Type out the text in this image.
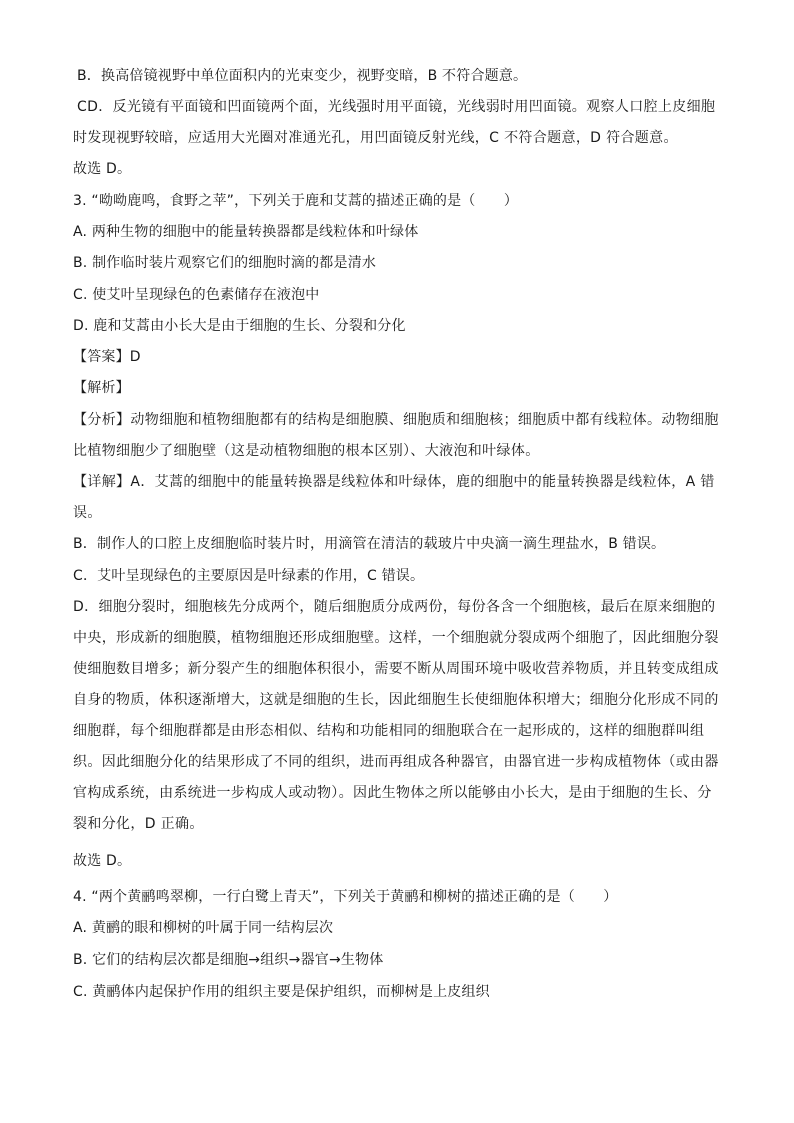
B．换高倍镜视野中单位面积内的光束变少，视野变暗，B 不符合题意。
CD．反光镜有平面镜和凹面镜两个面，光线强时用平面镜，光线弱时用凹面镜。观察人口腔上皮细胞时发现视野较暗，应适用大光圈对准通光孔，用凹面镜反射光线，C 不符合题意，D 符合题意。
故选 D。
3. “呦呦鹿鸣，食野之苹”，下列关于鹿和艾蒿的描述正确的是（　　）
A. 两种生物的细胞中的能量转换器都是线粒体和叶绿体
B. 制作临时装片观察它们的细胞时滴的都是清水
C. 使艾叶呈现绿色的色素储存在液泡中
D. 鹿和艾蒿由小长大是由于细胞的生长、分裂和分化
【答案】D
【解析】
【分析】动物细胞和植物细胞都有的结构是细胞膜、细胞质和细胞核；细胞质中都有线粒体。动物细胞比植物细胞少了细胞壁（这是动植物细胞的根本区别）、大液泡和叶绿体。
【详解】A．艾蒿的细胞中的能量转换器是线粒体和叶绿体，鹿的细胞中的能量转换器是线粒体，A 错误。
B．制作人的口腔上皮细胞临时装片时，用滴管在清洁的载玻片中央滴一滴生理盐水，B 错误。
C．艾叶呈现绿色的主要原因是叶绿素的作用，C 错误。
D．细胞分裂时，细胞核先分成两个，随后细胞质分成两份，每份各含一个细胞核，最后在原来细胞的中央，形成新的细胞膜，植物细胞还形成细胞壁。这样，一个细胞就分裂成两个细胞了，因此细胞分裂使细胞数目增多；新分裂产生的细胞体积很小，需要不断从周围环境中吸收营养物质，并且转变成组成自身的物质，体积逐渐增大，这就是细胞的生长，因此细胞生长使细胞体积增大；细胞分化形成不同的细胞群，每个细胞群都是由形态相似、结构和功能相同的细胞联合在一起形成的，这样的细胞群叫组织。因此细胞分化的结果形成了不同的组织，进而再组成各种器官，由器官进一步构成植物体（或由器官构成系统，由系统进一步构成人或动物）。因此生物体之所以能够由小长大，是由于细胞的生长、分裂和分化，D 正确。
故选 D。
4. “两个黄鹂鸣翠柳，一行白鹭上青天”，下列关于黄鹂和柳树的描述正确的是（　　）
A. 黄鹂的眼和柳树的叶属于同一结构层次
B. 它们的结构层次都是细胞→组织→器官→生物体
C. 黄鹂体内起保护作用的组织主要是保护组织，而柳树是上皮组织
